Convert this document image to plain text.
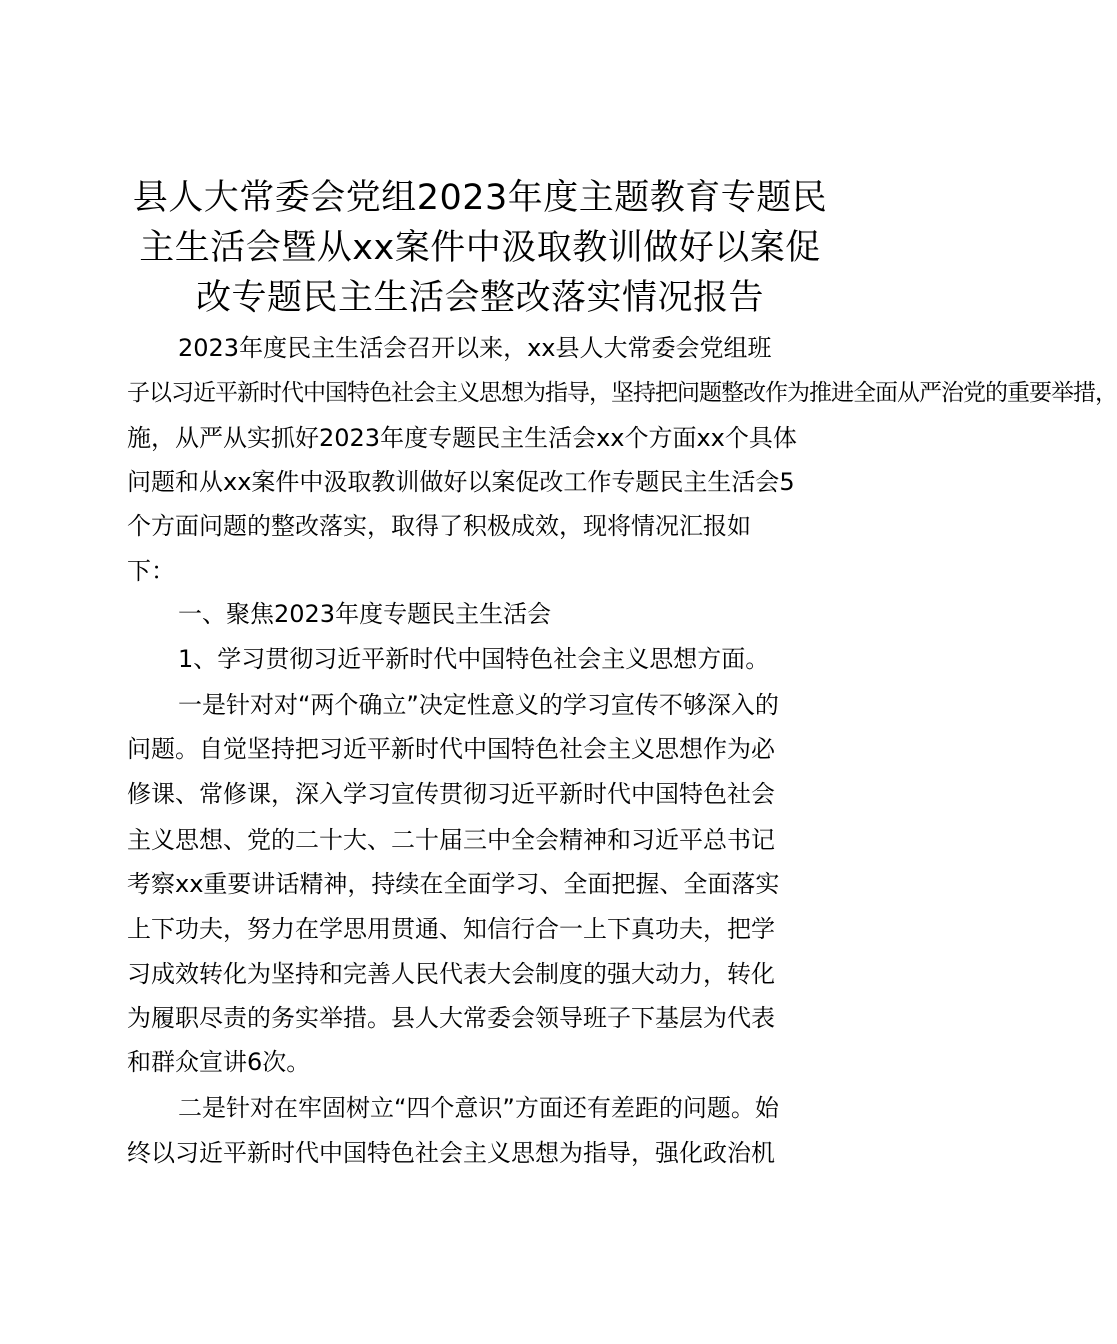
县人大常委会党组2023年度主题教育专题民
主生活会暨从xx案件中汲取教训做好以案促
改专题民主生活会整改落实情况报告
2023年度民主生活会召开以来，xx县人大常委会党组班
子以习近平新时代中国特色社会主义思想为指导，坚持把问题整改作为推进全面从严治党的重要举措，
施，从严从实抓好2023年度专题民主生活会xx个方面xx个具体
问题和从xx案件中汲取教训做好以案促改工作专题民主生活会5
个方面问题的整改落实，取得了积极成效，现将情况汇报如
下：
一、聚焦2023年度专题民主生活会
1、学习贯彻习近平新时代中国特色社会主义思想方面。
一是针对对“两个确立”决定性意义的学习宣传不够深入的
问题。自觉坚持把习近平新时代中国特色社会主义思想作为必
修课、常修课，深入学习宣传贯彻习近平新时代中国特色社会
主义思想、党的二十大、二十届三中全会精神和习近平总书记
考察xx重要讲话精神，持续在全面学习、全面把握、全面落实
上下功夫，努力在学思用贯通、知信行合一上下真功夫，把学
习成效转化为坚持和完善人民代表大会制度的强大动力，转化
为履职尽责的务实举措。县人大常委会领导班子下基层为代表
和群众宣讲6次。
二是针对在牢固树立“四个意识”方面还有差距的问题。始
终以习近平新时代中国特色社会主义思想为指导，强化政治机
